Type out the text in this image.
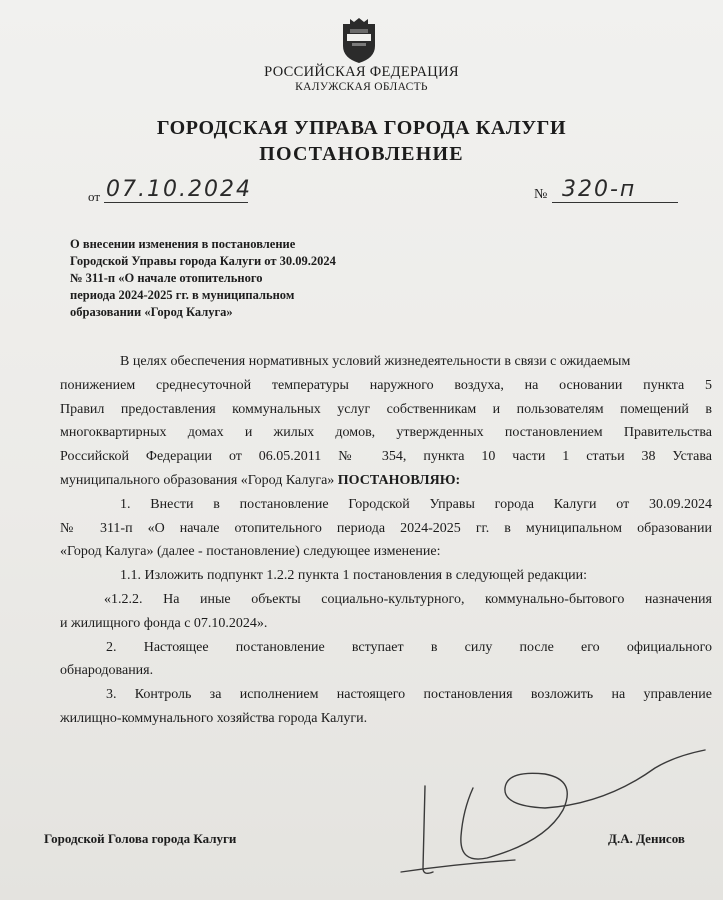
РОССИЙСКАЯ ФЕДЕРАЦИЯ
КАЛУЖСКАЯ ОБЛАСТЬ
ГОРОДСКАЯ УПРАВА ГОРОДА КАЛУГИ
ПОСТАНОВЛЕНИЕ
от 07.10.2024	№ 320-п
О внесении изменения в постановление
Городской Управы города Калуги от 30.09.2024
№ 311-п «О начале отопительного
периода 2024-2025 гг. в муниципальном
образовании «Город Калуга»
В целях обеспечения нормативных условий жизнедеятельности в связи с ожидаемым
понижением среднесуточной температуры наружного воздуха, на основании пункта 5
Правил предоставления коммунальных услуг собственникам и пользователям помещений в
многоквартирных домах и жилых домов, утвержденных постановлением Правительства
Российской Федерации от 06.05.2011 № 354, пункта 10 части 1 статьи 38 Устава
муниципального образования «Город Калуга» ПОСТАНОВЛЯЮ:
1. Внести в постановление Городской Управы города Калуги от 30.09.2024
№ 311-п «О начале отопительного периода 2024-2025 гг. в муниципальном образовании
«Город Калуга» (далее - постановление) следующее изменение:
1.1. Изложить подпункт 1.2.2 пункта 1 постановления в следующей редакции:
«1.2.2. На иные объекты социально-культурного, коммунально-бытового назначения
и жилищного фонда с 07.10.2024».
2. Настоящее постановление вступает в силу после его официального
обнародования.
3. Контроль за исполнением настоящего постановления возложить на управление
жилищно-коммунального хозяйства города Калуги.
Городской Голова города Калуги	Д.А. Денисов
